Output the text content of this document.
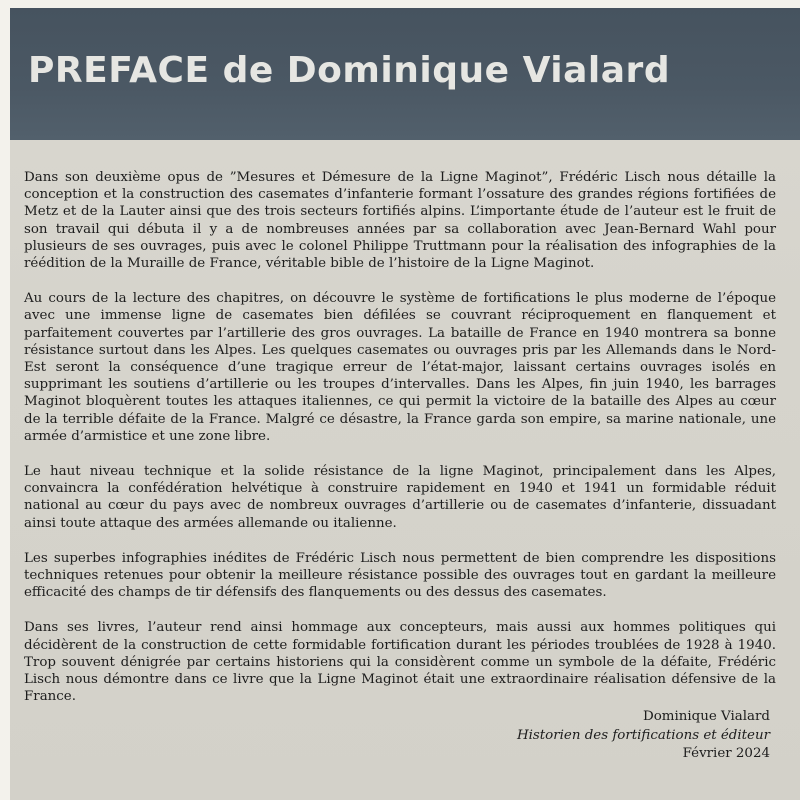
PREFACE de Dominique Vialard

Dans son deuxième opus de ”Mesures et Démesure de la Ligne Maginot”, Frédéric Lisch nous détaille la conception et la construction des casemates d’infanterie formant l’ossature des grandes régions fortifiées de Metz et de la Lauter ainsi que des trois secteurs fortifiés alpins. L’importante étude de l’auteur est le fruit de son travail qui débuta il y a de nombreuses années par sa collaboration avec Jean-Bernard Wahl pour plusieurs de ses ouvrages, puis avec le colonel Philippe Truttmann pour la réalisation des infographies de la réédition de la Muraille de France, véritable bible de l’histoire de la Ligne Maginot.

Au cours de la lecture des chapitres, on découvre le système de fortifications le plus moderne de l’époque avec une immense ligne de casemates bien défilées se couvrant réciproquement en flanquement et parfaitement couvertes par l’artillerie des gros ouvrages. La bataille de France en 1940 montrera sa bonne résistance surtout dans les Alpes. Les quelques casemates ou ouvrages pris par les Allemands dans le Nord-Est seront la conséquence d’une tragique erreur de l’état-major, laissant certains ouvrages isolés en supprimant les soutiens d’artillerie ou les troupes d’intervalles. Dans les Alpes, fin juin 1940, les barrages Maginot bloquèrent toutes les attaques italiennes, ce qui permit la victoire de la bataille des Alpes au cœur de la terrible défaite de la France. Malgré ce désastre, la France garda son empire, sa marine nationale, une armée d’armistice et une zone libre.

Le haut niveau technique et la solide résistance de la ligne Maginot, principalement dans les Alpes, convaincra la confédération helvétique à construire rapidement en 1940 et 1941 un formidable réduit national au cœur du pays avec de nombreux ouvrages d’artillerie ou de casemates d’infanterie, dissuadant ainsi toute attaque des armées allemande ou italienne.

Les superbes infographies inédites de Frédéric Lisch nous permettent de bien comprendre les dispositions techniques retenues pour obtenir la meilleure résistance possible des ouvrages tout en gardant la meilleure efficacité des champs de tir défensifs des flanquements ou des dessus des casemates.

Dans ses livres, l’auteur rend ainsi hommage aux concepteurs, mais aussi aux hommes politiques qui décidèrent de la construction de cette formidable fortification durant les périodes troublées de 1928 à 1940. Trop souvent dénigrée par certains historiens qui la considèrent comme un symbole de la défaite, Frédéric Lisch nous démontre dans ce livre que la Ligne Maginot était une extraordinaire réalisation défensive de la France.

Dominique Vialard
Historien des fortifications et éditeur
Février 2024
